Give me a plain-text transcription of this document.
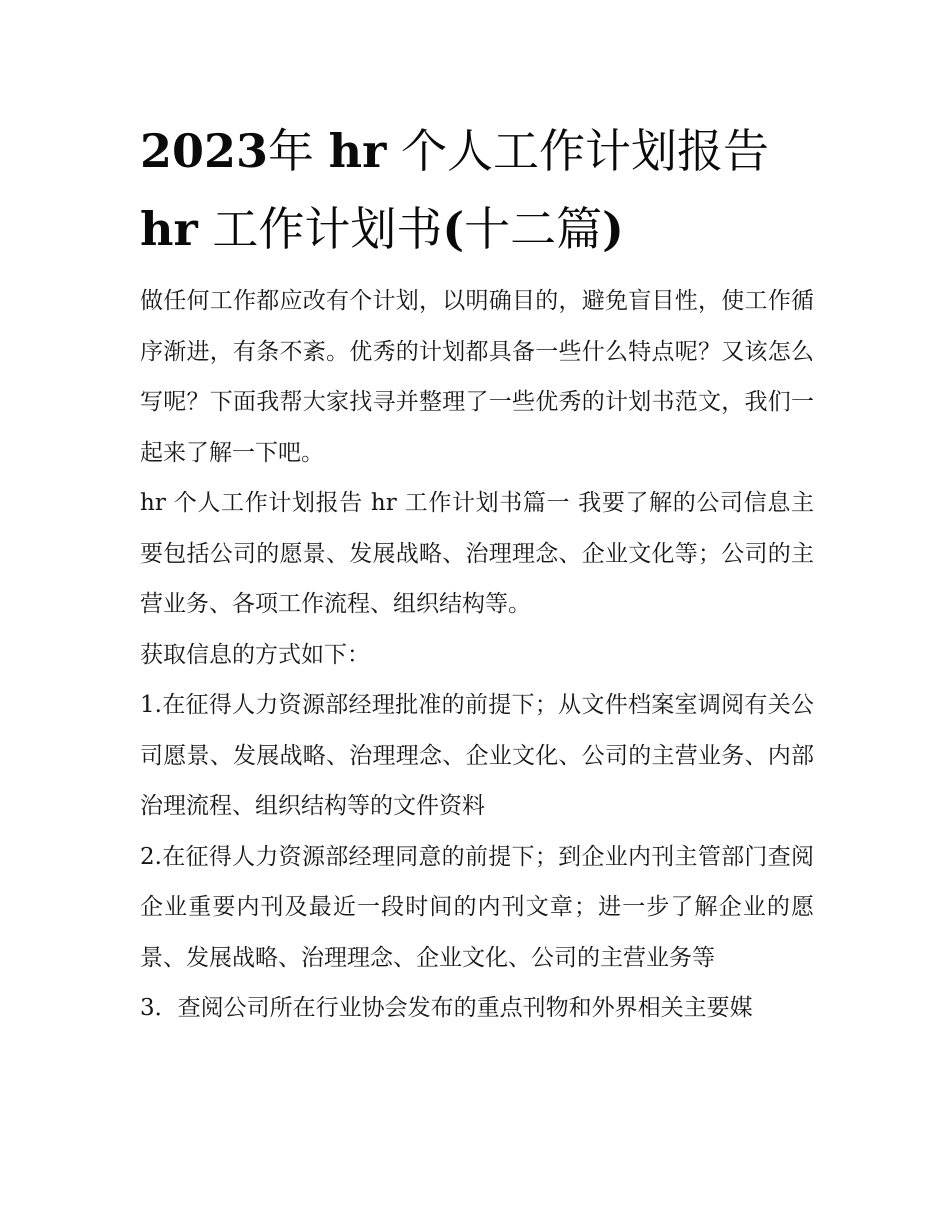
2023年 hr 个人工作计划报告
hr 工作计划书(十二篇)

做任何工作都应改有个计划，以明确目的，避免盲目性，使工作循序渐进，有条不紊。优秀的计划都具备一些什么特点呢？又该怎么写呢？下面我帮大家找寻并整理了一些优秀的计划书范文，我们一起来了解一下吧。

hr 个人工作计划报告 hr 工作计划书篇一 我要了解的公司信息主要包括公司的愿景、发展战略、治理理念、企业文化等；公司的主营业务、各项工作流程、组织结构等。

获取信息的方式如下：

1.在征得人力资源部经理批准的前提下；从文件档案室调阅有关公司愿景、发展战略、治理理念、企业文化、公司的主营业务、内部治理流程、组织结构等的文件资料

2.在征得人力资源部经理同意的前提下；到企业内刊主管部门查阅企业重要内刊及最近一段时间的内刊文章；进一步了解企业的愿景、发展战略、治理理念、企业文化、公司的主营业务等

3．查阅公司所在行业协会发布的重点刊物和外界相关主要媒
